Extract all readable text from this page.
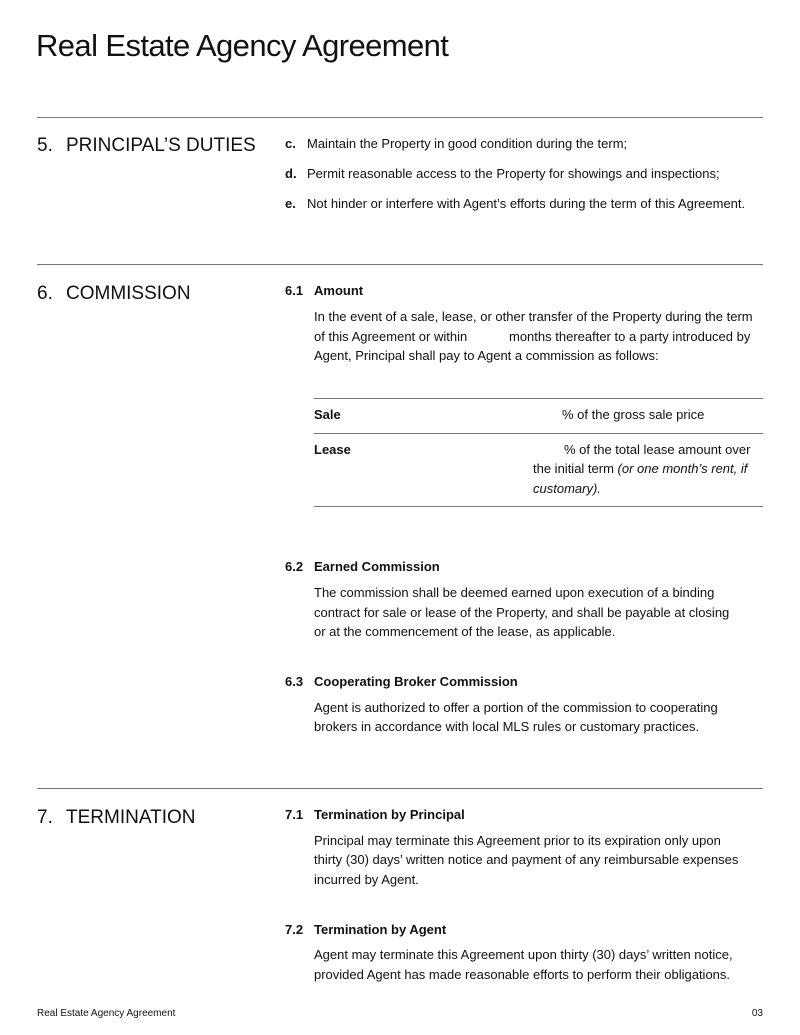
Real Estate Agency Agreement
5. PRINCIPAL’S DUTIES c. Maintain the Property in good condition during the term;
d. Permit reasonable access to the Property for showings and inspections;
e. Not hinder or interfere with Agent’s efforts during the term of this Agreement.
6. COMMISSION	6.1 Amount
In the event of a sale, lease, or other transfer of the Property during the term
of this Agreement or within	months thereafter to a party introduced by
Agent, Principal shall pay to Agent a commission as follows:
Sale	% of the gross sale price
Lease	% of the total lease amount over
the initial term (or one month’s rent, if
customary).
6.2 Earned Commission
The commission shall be deemed earned upon execution of a binding
contract for sale or lease of the Property, and shall be payable at closing
or at the commencement of the lease, as applicable.
6.3 Cooperating Broker Commission
Agent is authorized to offer a portion of the commission to cooperating
brokers in accordance with local MLS rules or customary practices.
7. TERMINATION	7.1 Termination by Principal
Principal may terminate this Agreement prior to its expiration only upon
thirty (30) days’ written notice and payment of any reimbursable expenses
incurred by Agent.
7.2 Termination by Agent
Agent may terminate this Agreement upon thirty (30) days’ written notice,
provided Agent has made reasonable efforts to perform their obligations.
Real Estate Agency Agreement	03
